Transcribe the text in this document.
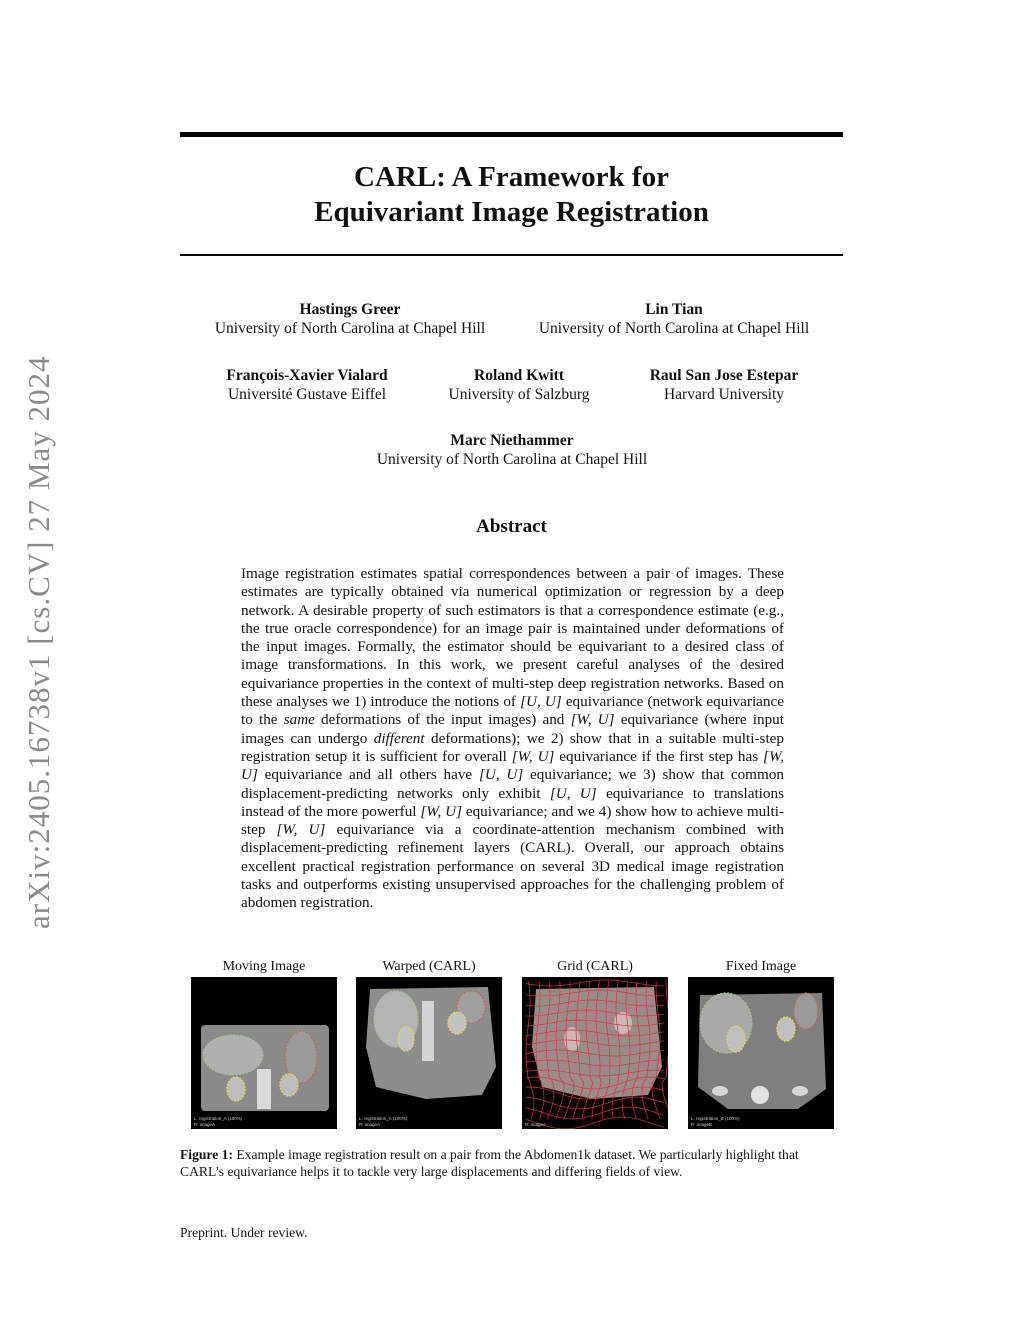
arXiv:2405.16738v1 [cs.CV] 27 May 2024
CARL: A Framework for
Equivariant Image Registration
Hastings Greer
University of North Carolina at Chapel Hill
Lin Tian
University of North Carolina at Chapel Hill
François-Xavier Vialard
Université Gustave Eiffel
Roland Kwitt
University of Salzburg
Raul San Jose Estepar
Harvard University
Marc Niethammer
University of North Carolina at Chapel Hill
Abstract

Image registration estimates spatial correspondences between a pair of images. These estimates are typically obtained via numerical optimization or regression by a deep network. A desirable property of such estimators is that a correspondence estimate (e.g., the true oracle correspondence) for an image pair is maintained under deformations of the input images. Formally, the estimator should be equivariant to a desired class of image transformations. In this work, we present careful analyses of the desired equivariance properties in the context of multi-step deep registration networks. Based on these analyses we 1) introduce the notions of [U, U] equivariance (network equivariance to the same deformations of the input images) and [W, U] equivariance (where input images can undergo different deformations); we 2) show that in a suitable multi-step registration setup it is sufficient for overall [W, U] equivariance if the first step has [W, U] equivariance and all others have [U, U] equivariance; we 3) show that common displacement-predicting networks only exhibit [U, U] equivariance to translations instead of the more powerful [W, U] equivariance; and we 4) show how to achieve multi-step [W, U] equivariance via a coordinate-attention mechanism combined with displacement-predicting refinement layers (CARL). Overall, our approach obtains excellent practical registration performance on several 3D medical image registration tasks and outperforms existing unsupervised approaches for the challenging problem of abdomen registration.

Moving Image	Warped (CARL)	Grid (CARL)	Fixed Image
L: registration_A (100%)
R: imageA
L: registration_A (100%)
R: imageA	R: imageA
L: registration_B (100%)
R: imageB
Figure 1: Example image registration result on a pair from the Abdomen1k dataset. We particularly highlight that CARL’s equivariance helps it to tackle very large displacements and differing fields of view.
Preprint. Under review.
